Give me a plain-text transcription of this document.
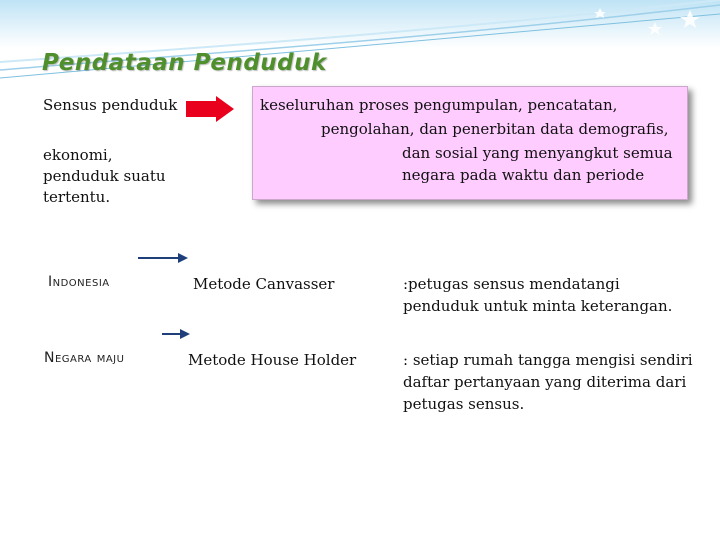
Pendataan Penduduk
Sensus penduduk	keseluruhan proses pengumpulan, pencatatan,
pengolahan, dan penerbitan data demografis,
dan sosial yang menyangkut semua
negara pada waktu dan periode
ekonomi,
penduduk suatu
tertentu.
Indonesia	Metode Canvasser	:petugas sensus mendatangi
penduduk untuk minta keterangan.
Negara maju	Metode House Holder	: setiap rumah tangga mengisi sendiri
daftar pertanyaan yang diterima dari
petugas sensus.
